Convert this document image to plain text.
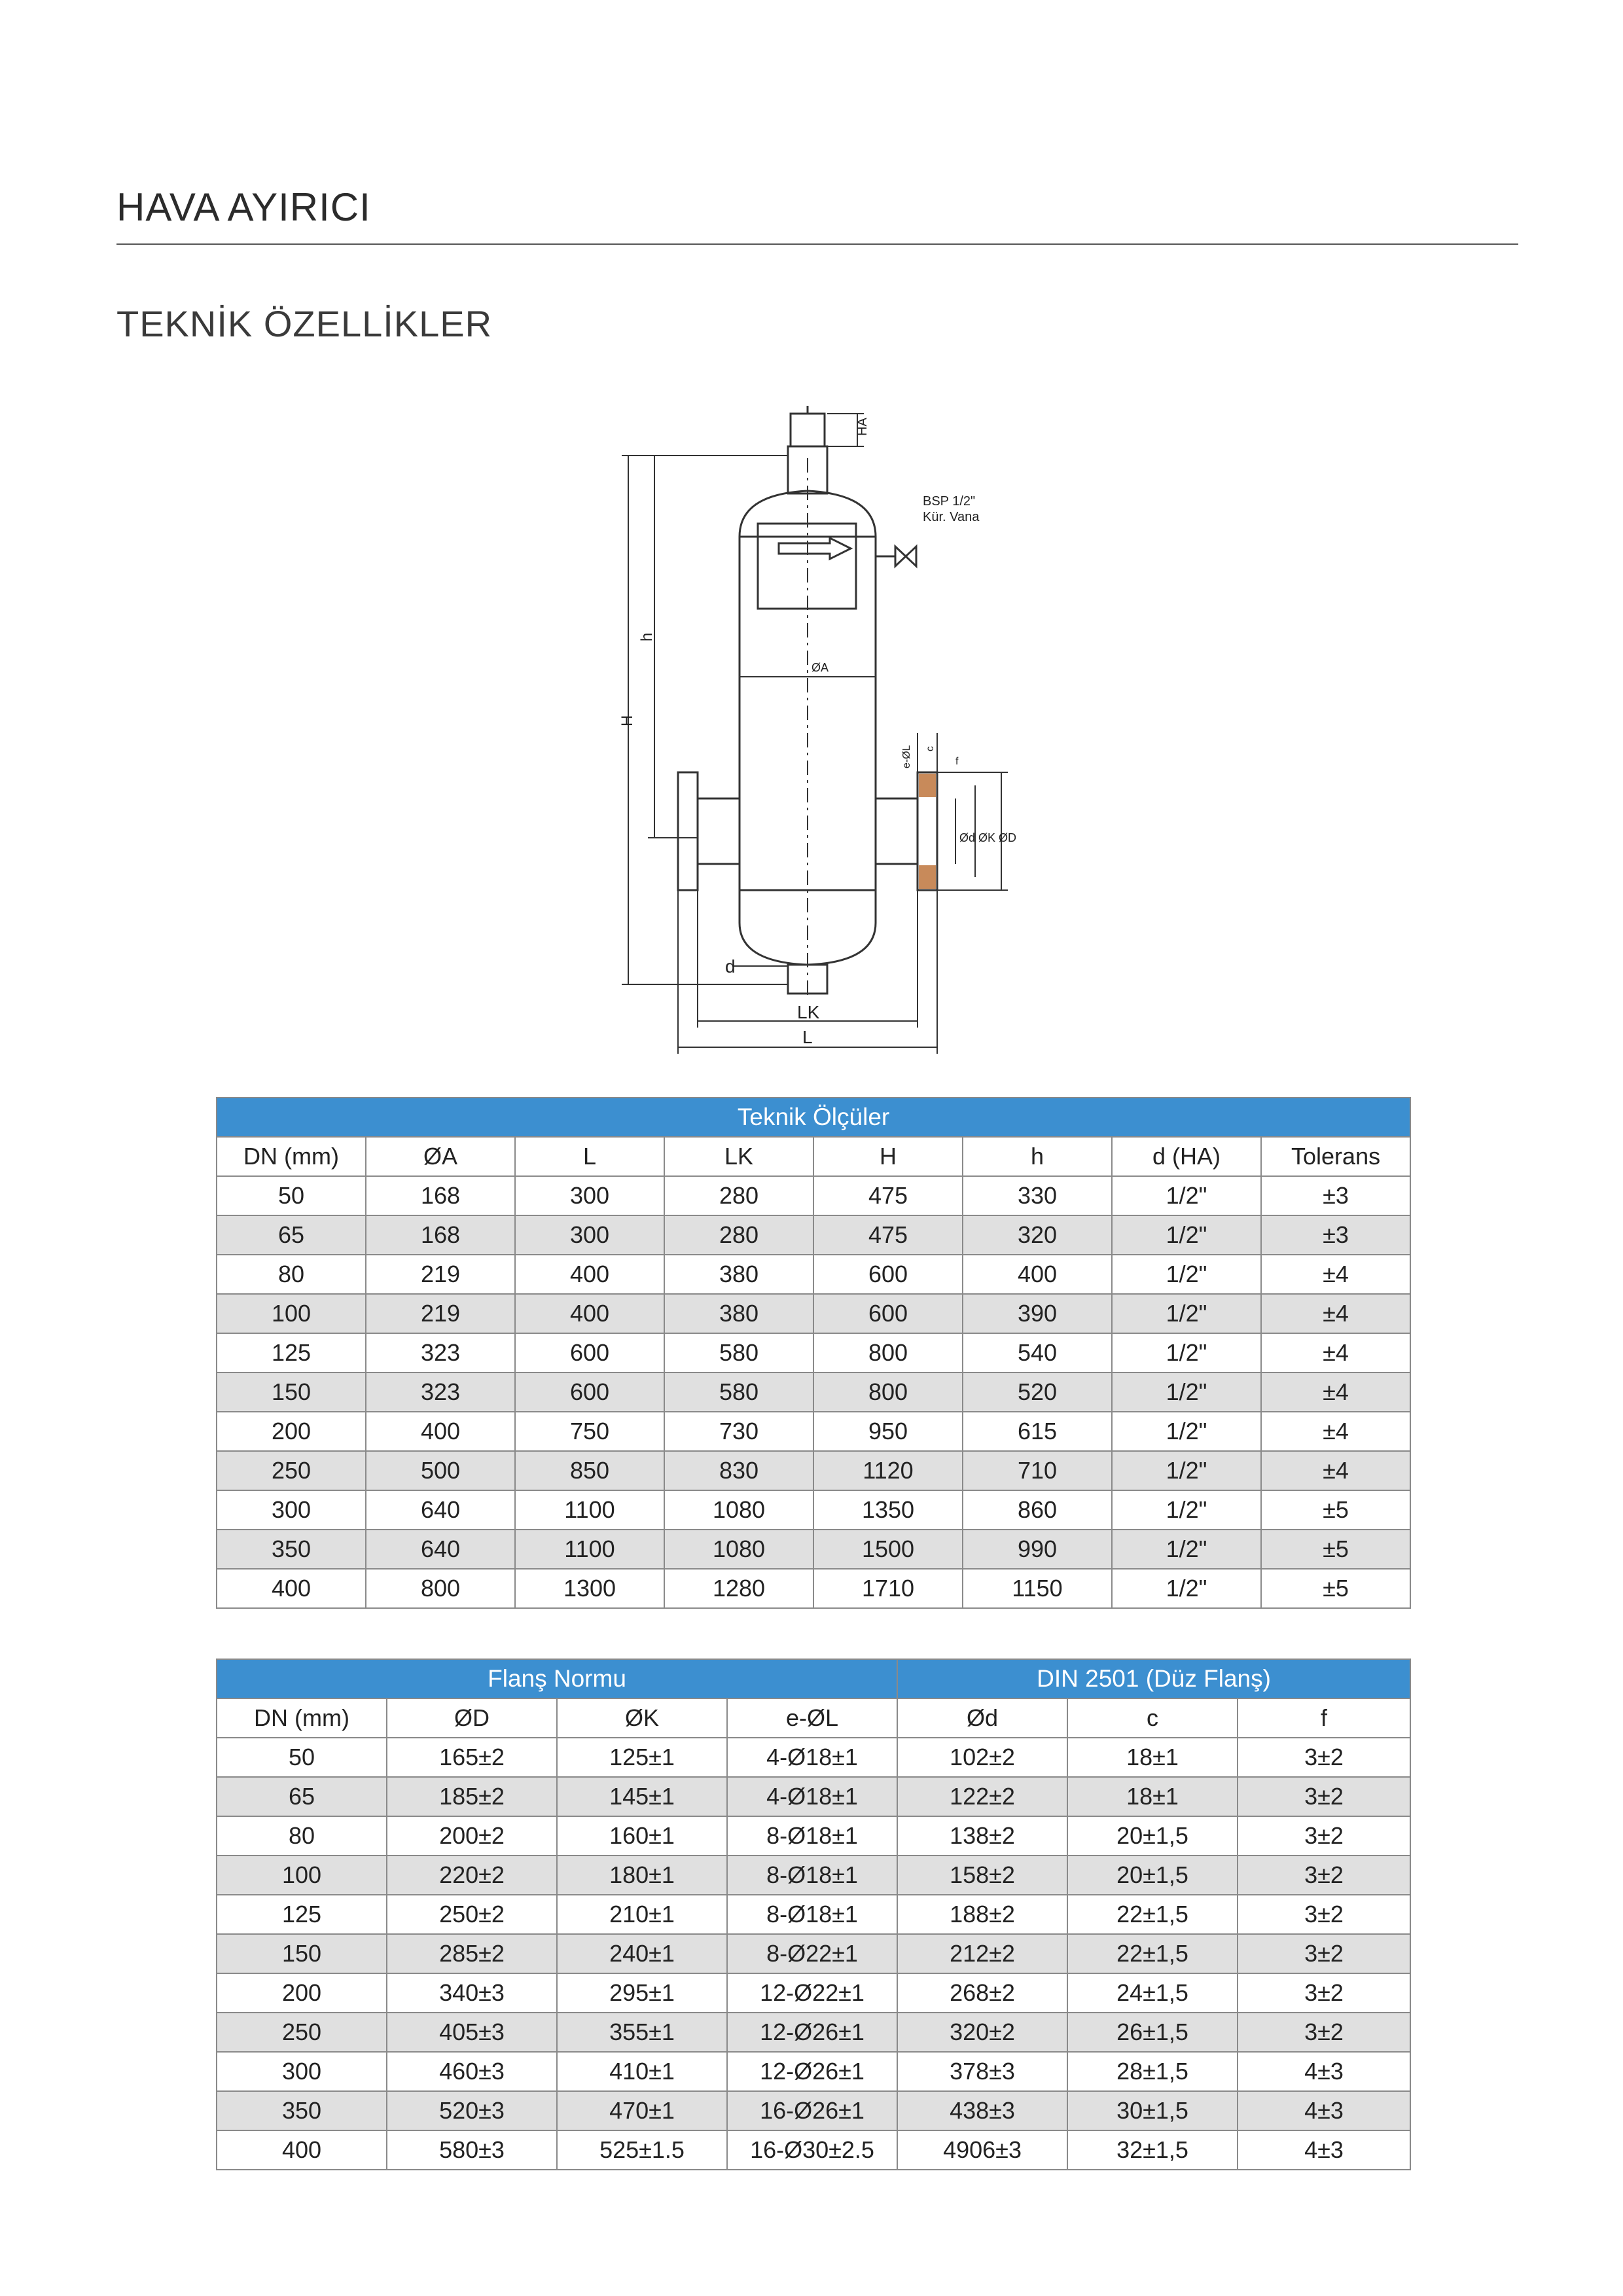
HAVA AYIRICI
TEKNİK ÖZELLİKLER
HA
BSP 1/2"
Kür. Vana
ØA
H
h
e-ØL c
f
Ød ØK ØD
d
LK
L
Teknik Ölçüler							
DN (mm)	ØA	L	LK	H	h	d (HA)	Tolerans
50	168	300	280	475	330	1/2"	±3
65	168	300	280	475	320	1/2"	±3
80	219	400	380	600	400	1/2"	±4
100	219	400	380	600	390	1/2"	±4
125	323	600	580	800	540	1/2"	±4
150	323	600	580	800	520	1/2"	±4
200	400	750	730	950	615	1/2"	±4
250	500	850	830	1120	710	1/2"	±4
300	640	1100	1080	1350	860	1/2"	±5
350	640	1100	1080	1500	990	1/2"	±5
400	800	1300	1280	1710	1150	1/2"	±5
Flanş Normu				DIN 2501 (Düz Flanş)		
DN (mm)	ØD	ØK	e-ØL	Ød	c	f
50	165±2	125±1	4-Ø18±1	102±2	18±1	3±2
65	185±2	145±1	4-Ø18±1	122±2	18±1	3±2
80	200±2	160±1	8-Ø18±1	138±2	20±1,5	3±2
100	220±2	180±1	8-Ø18±1	158±2	20±1,5	3±2
125	250±2	210±1	8-Ø18±1	188±2	22±1,5	3±2
150	285±2	240±1	8-Ø22±1	212±2	22±1,5	3±2
200	340±3	295±1	12-Ø22±1	268±2	24±1,5	3±2
250	405±3	355±1	12-Ø26±1	320±2	26±1,5	3±2
300	460±3	410±1	12-Ø26±1	378±3	28±1,5	4±3
350	520±3	470±1	16-Ø26±1	438±3	30±1,5	4±3
400	580±3	525±1.5	16-Ø30±2.5	4906±3	32±1,5	4±3
